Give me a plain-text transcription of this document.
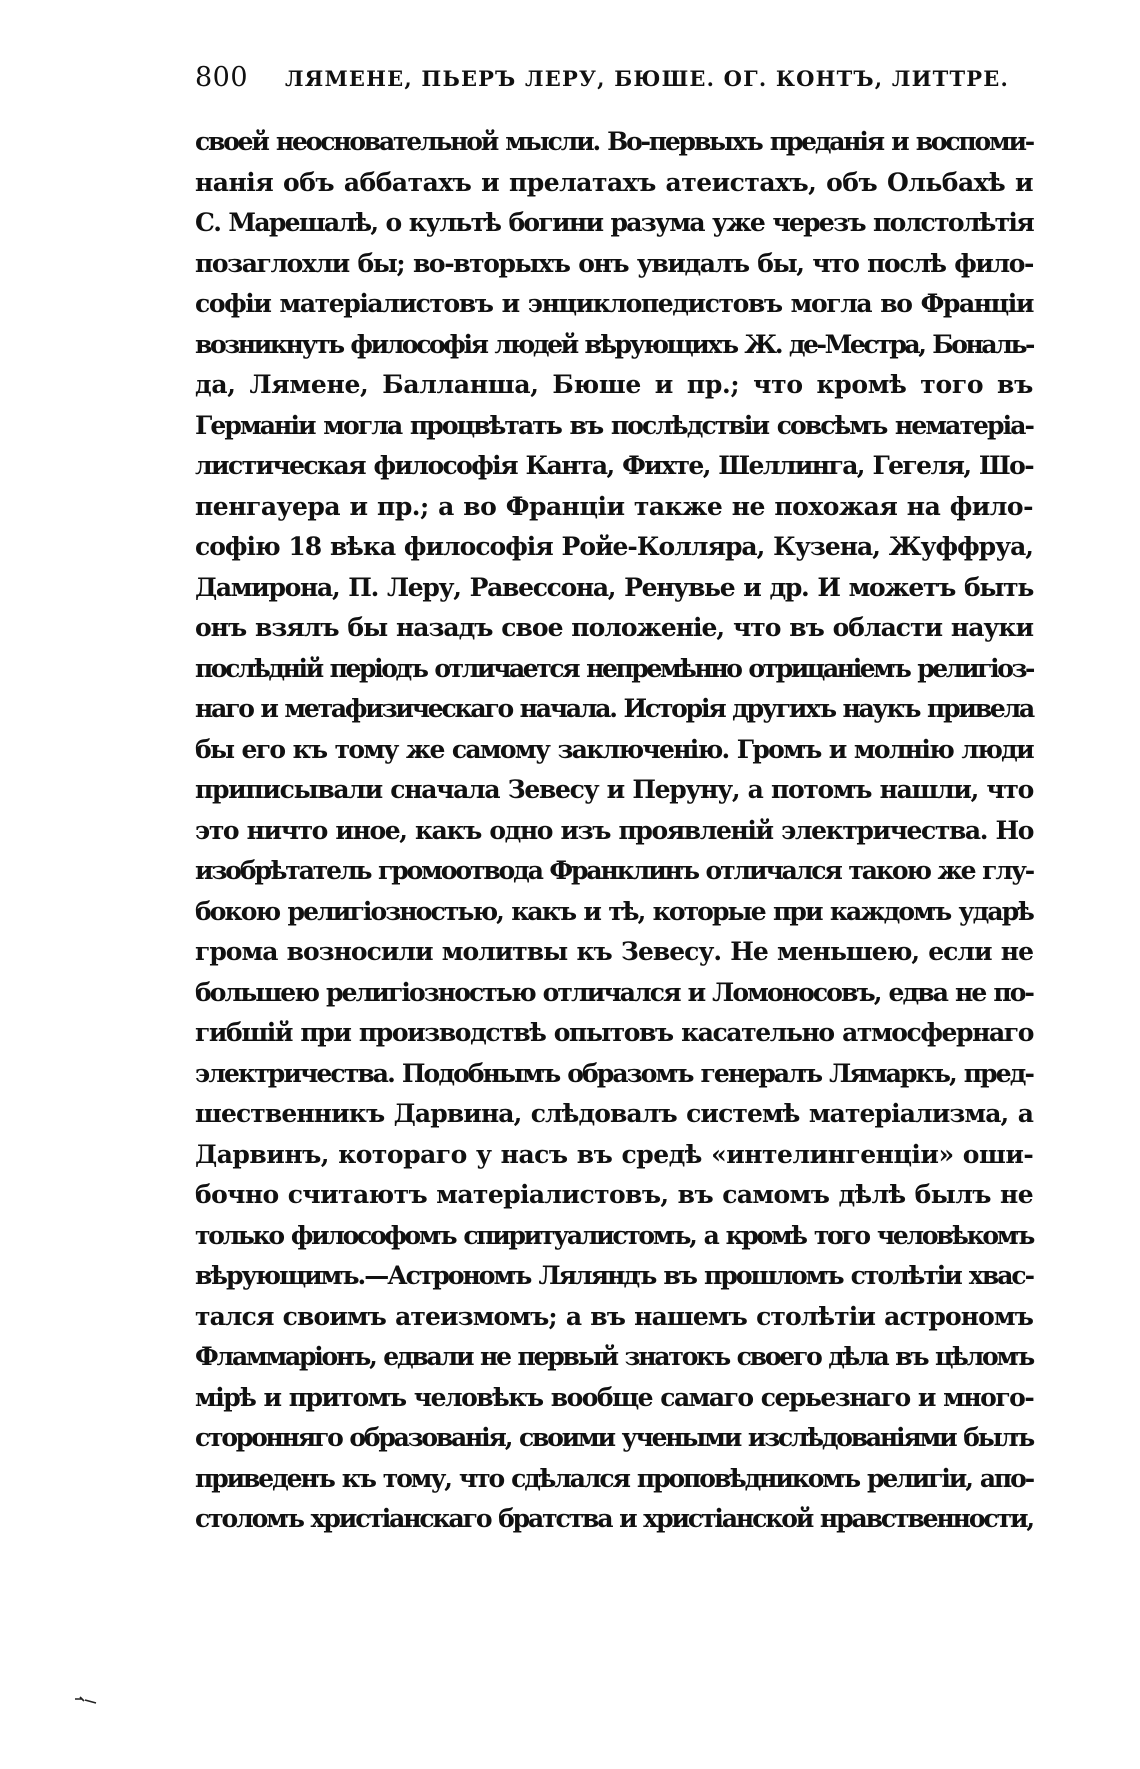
800	ЛЯМЕНЕ, ПЬЕРЪ ЛЕРУ, БЮШЕ. ОГ. КОНТЪ, ЛИТТРЕ.
своей неосновательной мысли. Во-первыхъ преданія и воспоми-
нанія объ аббатахъ и прелатахъ атеистахъ, объ Ольбахѣ и
С. Марешалѣ, о культѣ богини разума уже черезъ полстолѣтія
позаглохли бы; во-вторыхъ онъ увидалъ бы, что послѣ фило-
софіи матеріалистовъ и энциклопедистовъ могла во Франціи
возникнуть философія людей вѣрующихъ Ж. де-Местра, Бональ-
да, Лямене, Балланша, Бюше и пр.; что кромѣ того въ
Германіи могла процвѣтать въ послѣдствіи совсѣмъ нематеріа-
листическая философія Канта, Фихте, Шеллинга, Гегеля, Шо-
пенгауера и пр.; а во Франціи также не похожая на фило-
софію 18 вѣка философія Ройе-Колляра, Кузена, Жуффруа,
Дамирона, П. Леру, Равессона, Ренувье и др. И можетъ быть
онъ взялъ бы назадъ свое положеніе, что въ области науки
послѣдній періодъ отличается непремѣнно отрицаніемъ религіоз-
наго и метафизическаго начала. Исторія другихъ наукъ привела
бы его къ тому же самому заключенію. Громъ и молнію люди
приписывали сначала Зевесу и Перуну, а потомъ нашли, что
это ничто иное, какъ одно изъ проявленій электричества. Но
изобрѣтатель громоотвода Франклинъ отличался такою же глу-
бокою религіозностью, какъ и тѣ, которые при каждомъ ударѣ
грома возносили молитвы къ Зевесу. Не меньшею, если не
большею религіозностью отличался и Ломоносовъ, едва не по-
гибшій при производствѣ опытовъ касательно атмосфернаго
электричества. Подобнымъ образомъ генералъ Лямаркъ, пред-
шественникъ Дарвина, слѣдовалъ системѣ матеріализма, а
Дарвинъ, котораго у насъ въ средѣ «интелингенціи» оши-
бочно считаютъ матеріалистовъ, въ самомъ дѣлѣ былъ не
только философомъ спиритуалистомъ, а кромѣ того человѣкомъ
вѣрующимъ.—Астрономъ Ляляндъ въ прошломъ столѣтіи хвас-
тался своимъ атеизмомъ; а въ нашемъ столѣтіи астрономъ
Фламмаріонъ, едвали не первый знатокъ своего дѣла въ цѣломъ
мірѣ и притомъ человѣкъ вообще самаго серьезнаго и много-
сторонняго образованія, своими учеными изслѣдованіями былъ
приведенъ къ тому, что сдѣлался проповѣдникомъ религіи, апо-
столомъ христіанскаго братства и христіанской нравственности,
